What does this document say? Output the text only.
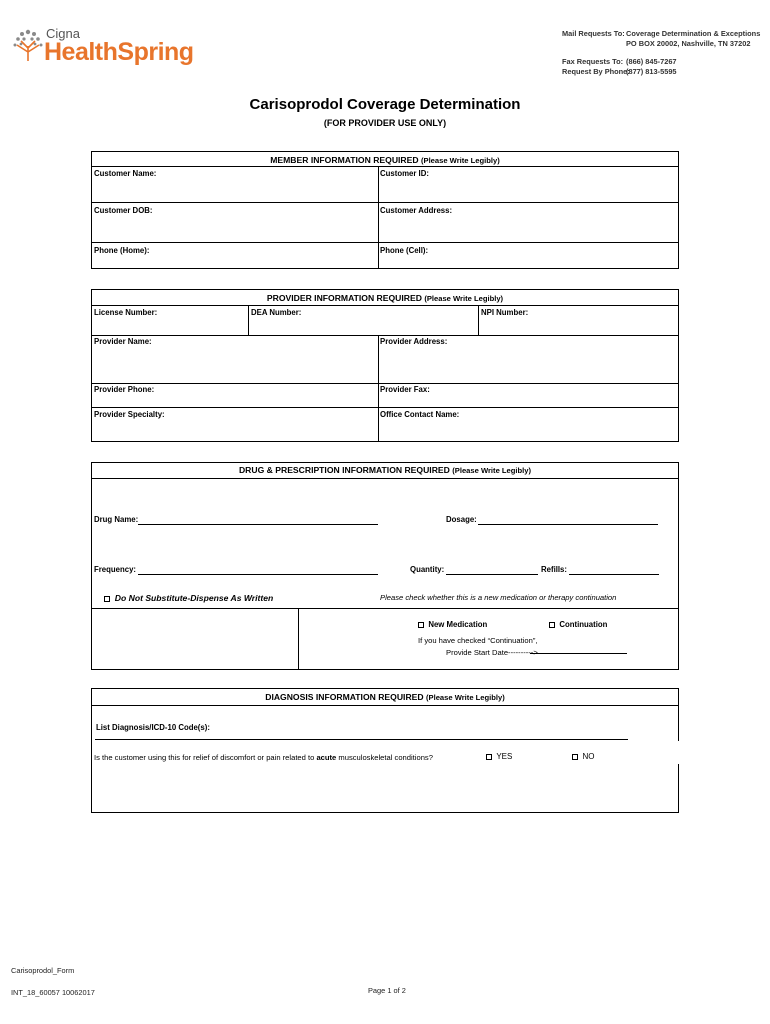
Cigna
HealthSpring
Mail Requests To: Coverage Determination & Exceptions
PO BOX 20002, Nashville, TN 37202
Fax Requests To: (866) 845-7267
Request By Phone:
(877) 813-5595
Carisoprodol Coverage Determination
(FOR PROVIDER USE ONLY)
MEMBER INFORMATION REQUIRED (Please Write Legibly)
Customer Name:	Customer ID:
Customer DOB:	Customer Address:
Phone (Home):	Phone (Cell):
PROVIDER INFORMATION REQUIRED (Please Write Legibly)
License Number:	DEA Number:	NPI Number:
Provider Name:	Provider Address:
Provider Phone:	Provider Fax:
Provider Specialty:	Office Contact Name:
DRUG & PRESCRIPTION INFORMATION REQUIRED (Please Write Legibly)
Drug Name:	Dosage:
Frequency:	Quantity:	Refills:
Do Not Substitute-Dispense As Written	Please check whether this is a new medication or therapy continuation
New Medication	Continuation
If you have checked “Continuation”,
Provide Start Date---------->
DIAGNOSIS INFORMATION REQUIRED (Please Write Legibly)
List Diagnosis/ICD-10 Code(s):
Is the customer using this for relief of discomfort or pain related to acute musculoskeletal conditions?	YES	NO
Carisoprodol_Form
INT_18_60057 10062017	Page 1 of 2
